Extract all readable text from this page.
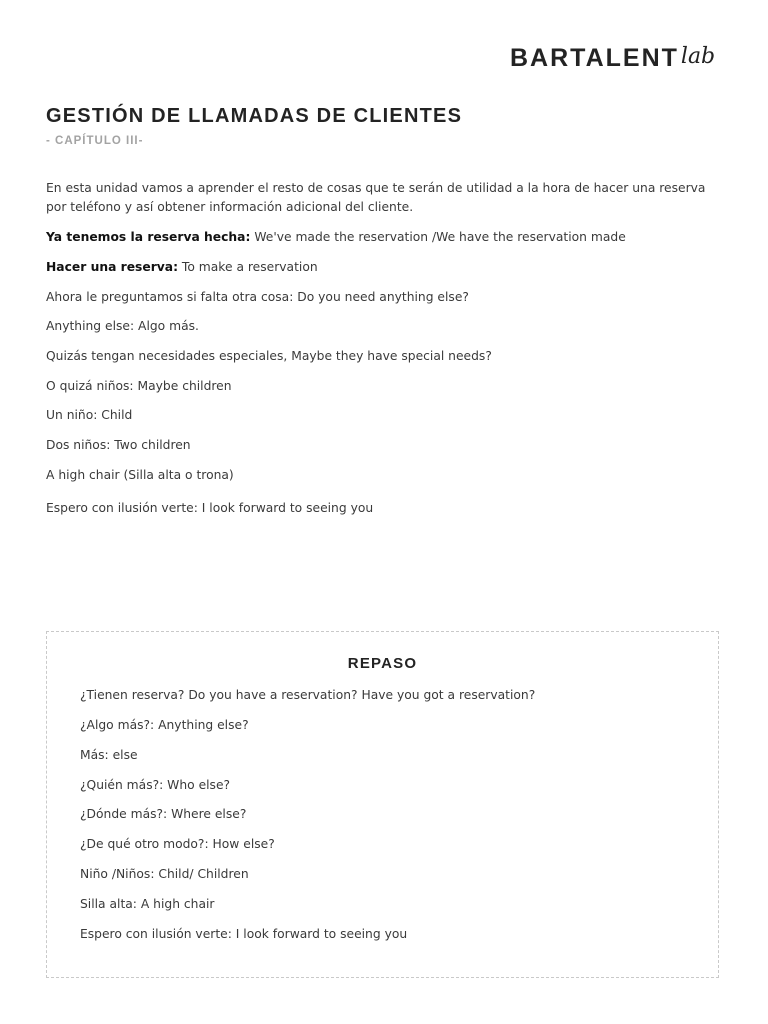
BARTALENTlab
GESTIÓN DE LLAMADAS DE CLIENTES
- CAPÍTULO III-

En esta unidad vamos a aprender el resto de cosas que te serán de utilidad a la hora de hacer una reserva por teléfono y así obtener información adicional del cliente.

Ya tenemos la reserva hecha: We've made the reservation /We have the reservation made
Hacer una reserva: To make a reservation
Ahora le preguntamos si falta otra cosa: Do you need anything else?
Anything else: Algo más.
Quizás tengan necesidades especiales, Maybe they have special needs?
O quizá niños: Maybe children
Un niño: Child
Dos niños: Two children
A high chair (Silla alta o trona)
Espero con ilusión verte: I look forward to seeing you
REPASO
¿Tienen reserva? Do you have a reservation? Have you got a reservation?
¿Algo más?: Anything else?
Más: else
¿Quién más?: Who else?
¿Dónde más?: Where else?
¿De qué otro modo?: How else?
Niño /Niños: Child/ Children
Silla alta: A high chair
Espero con ilusión verte: I look forward to seeing you
